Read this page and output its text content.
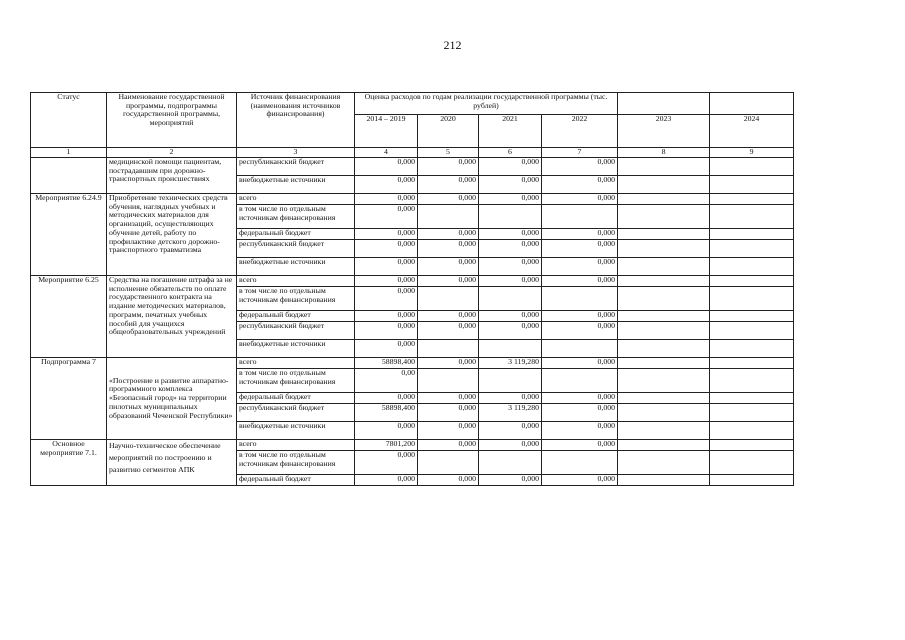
212
Статус	Наименование государственной программы, подпрограммы государственной программы, мероприятий	Источник финансирования (наименования источников финансирования)	Оценка расходов по годам реализации государственной программы (тыс. рублей)					
			2014 – 2019	2020	2021	2022	2023	2024
1	2	3	4	5	6	7	8	9
	медицинской помощи пациентам, пострадавшим при дорожно-транспортных происшествиях	республиканский бюджет	0,000	0,000	0,000	0,000		
		внебюджетные источники	0,000	0,000	0,000	0,000		
Мероприятие 6.24.9	Приобретение технических средств обучения, наглядных учебных и методических материалов для организаций, осуществляющих обучение детей, работу по профилактике детского дорожно-транспортного травматизма	всего	0,000	0,000	0,000	0,000		
		в том числе по отдельным источникам финансирования	0,000					
		федеральный бюджет	0,000	0,000	0,000	0,000		
		республиканский бюджет	0,000	0,000	0,000	0,000		
		внебюджетные источники	0,000	0,000	0,000	0,000		
Мероприятие 6.25	Средства на погашение штрафа за не исполнение обязательств по оплате государственного контракта на издание методических материалов, программ, печатных учебных пособий для учащихся общеобразовательных учреждений	всего	0,000	0,000	0,000	0,000		
		в том числе по отдельным источникам финансирования	0,000					
		федеральный бюджет	0,000	0,000	0,000	0,000		
		республиканский бюджет	0,000	0,000	0,000	0,000		
		внебюджетные источники	0,000					
Подпрограмма 7	«Построение и развитие аппаратно-программного комплекса «Безопасный город» на территории пилотных муниципальных образований Чеченской Республики»	всего	58898,400	0,000	3 119,280	0,000		
		в том числе по отдельным источникам финансирования	0,00					
		федеральный бюджет	0,000	0,000	0,000	0,000		
		республиканский бюджет	58898,400	0,000	3 119,280	0,000		
		внебюджетные источники	0,000	0,000	0,000	0,000		
Основное мероприятие 7.1.	Научно-техническое обеспечение мероприятий по построению и развитию сегментов АПК	всего	7801,200	0,000	0,000	0,000		
		в том числе по отдельным источникам финансирования	0,000					
		федеральный бюджет	0,000	0,000	0,000	0,000		
